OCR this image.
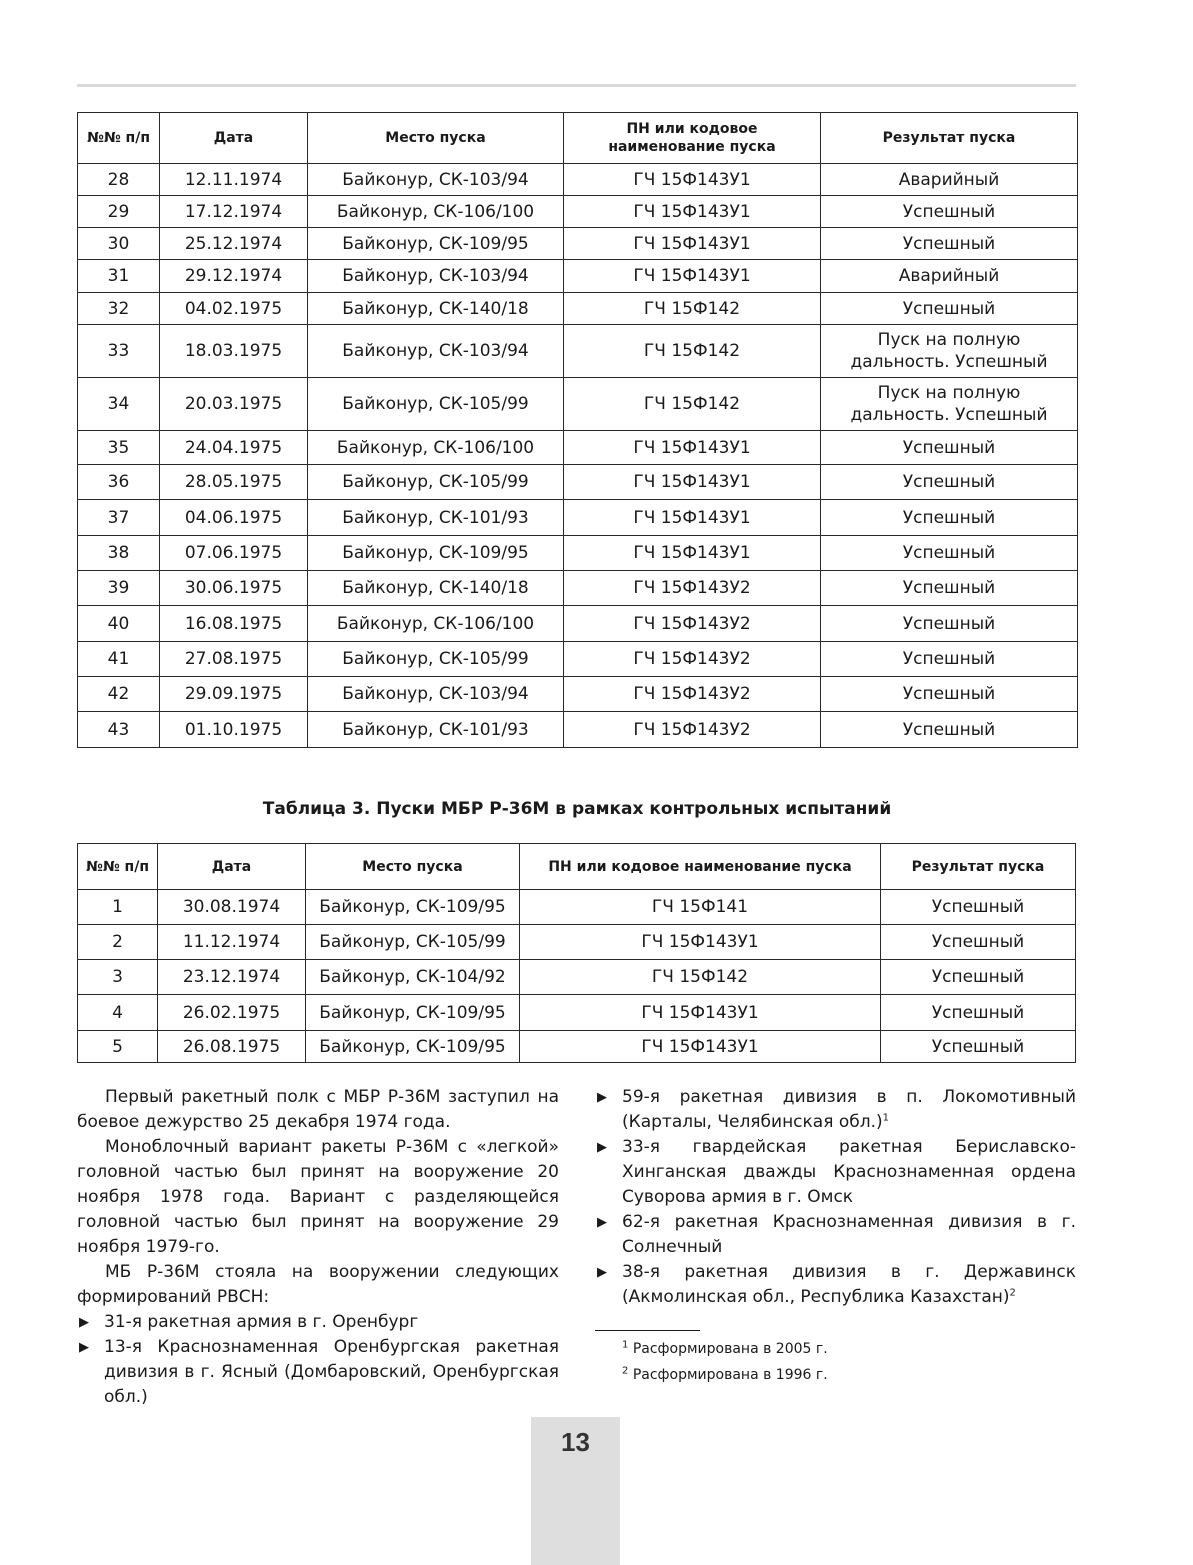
№№ п/п	Дата	Место пуска	ПН или кодовое наименование пуска	Результат пуска
28	12.11.1974	Байконур, СК-103/94	ГЧ 15Ф143У1	Аварийный
29	17.12.1974	Байконур, СК-106/100	ГЧ 15Ф143У1	Успешный
30	25.12.1974	Байконур, СК-109/95	ГЧ 15Ф143У1	Успешный
31	29.12.1974	Байконур, СК-103/94	ГЧ 15Ф143У1	Аварийный
32	04.02.1975	Байконур, СК-140/18	ГЧ 15Ф142	Успешный
33	18.03.1975	Байконур, СК-103/94	ГЧ 15Ф142	Пуск на полную дальность. Успешный
34	20.03.1975	Байконур, СК-105/99	ГЧ 15Ф142	Пуск на полную дальность. Успешный
35	24.04.1975	Байконур, СК-106/100	ГЧ 15Ф143У1	Успешный
36	28.05.1975	Байконур, СК-105/99	ГЧ 15Ф143У1	Успешный
37	04.06.1975	Байконур, СК-101/93	ГЧ 15Ф143У1	Успешный
38	07.06.1975	Байконур, СК-109/95	ГЧ 15Ф143У1	Успешный
39	30.06.1975	Байконур, СК-140/18	ГЧ 15Ф143У2	Успешный
40	16.08.1975	Байконур, СК-106/100	ГЧ 15Ф143У2	Успешный
41	27.08.1975	Байконур, СК-105/99	ГЧ 15Ф143У2	Успешный
42	29.09.1975	Байконур, СК-103/94	ГЧ 15Ф143У2	Успешный
43	01.10.1975	Байконур, СК-101/93	ГЧ 15Ф143У2	Успешный
Таблица 3. Пуски МБР Р-36М в рамках контрольных испытаний
№№ п/п	Дата	Место пуска	ПН или кодовое наименование пуска	Результат пуска
1	30.08.1974	Байконур, СК-109/95	ГЧ 15Ф141	Успешный
2	11.12.1974	Байконур, СК-105/99	ГЧ 15Ф143У1	Успешный
3	23.12.1974	Байконур, СК-104/92	ГЧ 15Ф142	Успешный
4	26.02.1975	Байконур, СК-109/95	ГЧ 15Ф143У1	Успешный
5	26.08.1975	Байконур, СК-109/95	ГЧ 15Ф143У1	Успешный

Первый ракетный полк с МБР Р-36М заступил на боевое дежурство 25 декабря 1974 года.

Моноблочный вариант ракеты Р-36М с «легкой» головной частью был принят на вооружение 20 ноября 1978 года. Вариант с разделяющейся головной частью был принят на вооружение 29 ноября 1979-го.

МБ Р-36М стояла на вооружении следующих формирований РВСН:

▶ 31-я ракетная армия в г. Оренбург
▶ 13-я Краснознаменная Оренбургская ракетная дивизия в г. Ясный (Домбаровский, Оренбургская обл.)
▶ 59-я ракетная дивизия в п. Локомотивный (Карталы, Челябинская обл.)$^1$
▶ 33-я гвардейская ракетная Бериславско-Хинганская дважды Краснознаменная ордена Суворова армия в г. Омск
▶ 62-я ракетная Краснознаменная дивизия в г. Солнечный
▶ 38-я ракетная дивизия в г. Державинск (Акмолинская обл., Республика Казахстан)$^2$
$^1$ Расформирована в 2005 г.
$^2$ Расформирована в 1996 г.
13
